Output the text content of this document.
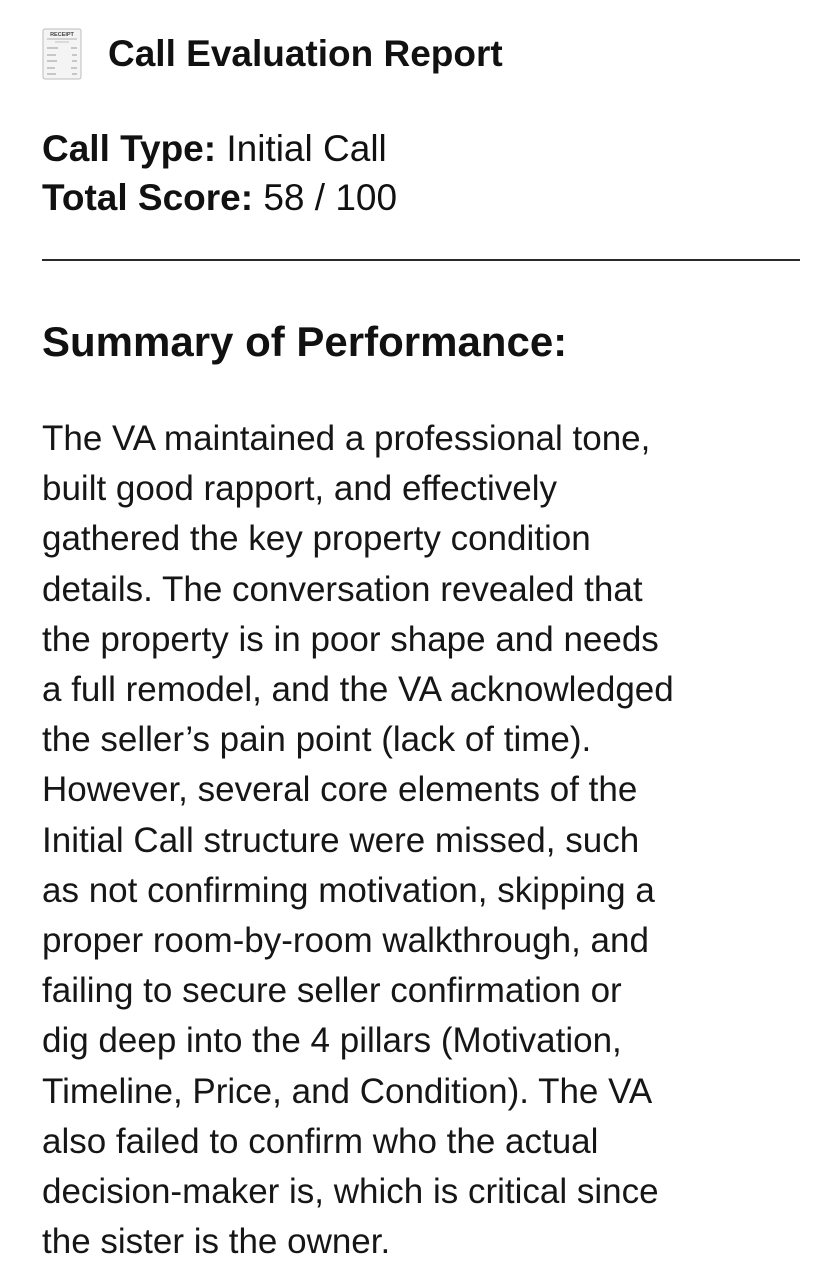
RECEIPT Call Evaluation Report
Call Type: Initial Call
Total Score: 58 / 100
Summary of Performance:
The VA maintained a professional tone,
built good rapport, and effectively
gathered the key property condition
details. The conversation revealed that
the property is in poor shape and needs
a full remodel, and the VA acknowledged
the seller’s pain point (lack of time).
However, several core elements of the
Initial Call structure were missed, such
as not confirming motivation, skipping a
proper room-by-room walkthrough, and
failing to secure seller confirmation or
dig deep into the 4 pillars (Motivation,
Timeline, Price, and Condition). The VA
also failed to confirm who the actual
decision-maker is, which is critical since
the sister is the owner.
